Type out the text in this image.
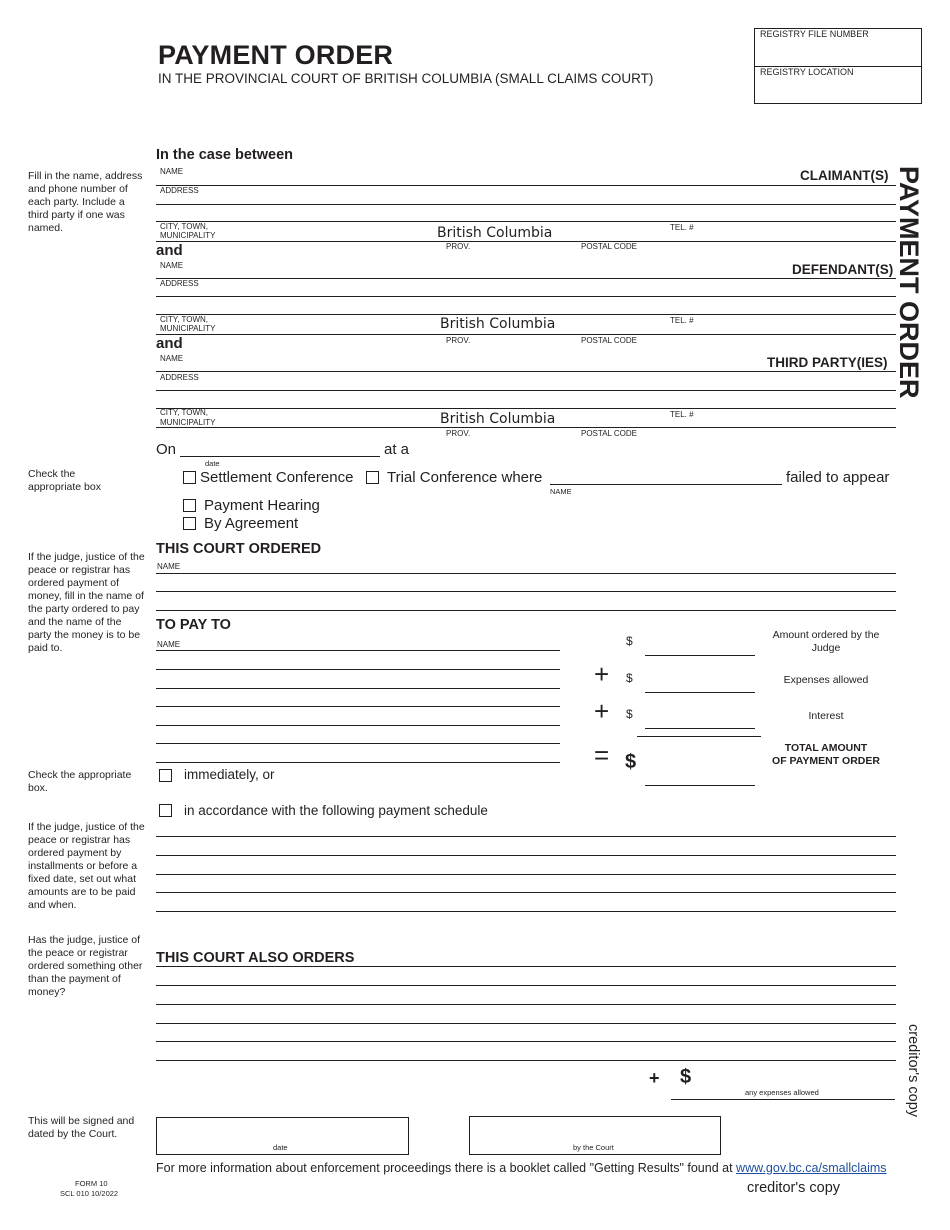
PAYMENT ORDER
IN THE PROVINCIAL COURT OF BRITISH COLUMBIA (SMALL CLAIMS COURT)
REGISTRY FILE NUMBER
REGISTRY LOCATION
PAYMENT ORDER
creditor's copy
Fill in the name, address and phone number of each party. Include a third party if one was named.
Check the appropriate box
If the judge, justice of the peace or registrar has ordered payment of money, fill in the name of the party ordered to pay and the name of the party the money is to be paid to.
Check the appropriate box.
If the judge, justice of the peace or registrar has ordered payment by installments or before a fixed date, set out what amounts are to be paid and when.
Has the judge, justice of the peace or registrar ordered something other than the payment of money?
This will be signed and dated by the Court.
In the case between
NAME	CLAIMANT(S)
ADDRESS
CITY, TOWN,
MUNICIPALITY	British Columbia	TEL. #
PROV.	POSTAL CODE
and
NAME	DEFENDANT(S)
ADDRESS
CITY, TOWN,
MUNICIPALITY	British Columbia	TEL. #
PROV.	POSTAL CODE
and
NAME	THIRD PARTY(IES)
ADDRESS
CITY, TOWN,
MUNICIPALITY	British Columbia	TEL. #
PROV.	POSTAL CODE
On	at a
date
Settlement Conference Trial Conference where
NAME
failed to appear
Payment Hearing
By Agreement
THIS COURT ORDERED
NAME
TO PAY TO
NAME	$	Amount ordered by the Judge
+ $	Expenses allowed
+ $	Interest
= $
TOTAL AMOUNT
OF PAYMENT ORDER
immediately, or
in accordance with the following payment schedule
THIS COURT ALSO ORDERS
+ $
any expenses allowed
date	by the Court
For more information about enforcement proceedings there is a booklet called "Getting Results" found at www.gov.bc.ca/smallclaims
creditor's copy
FORM 10
SCL 010 10/2022
